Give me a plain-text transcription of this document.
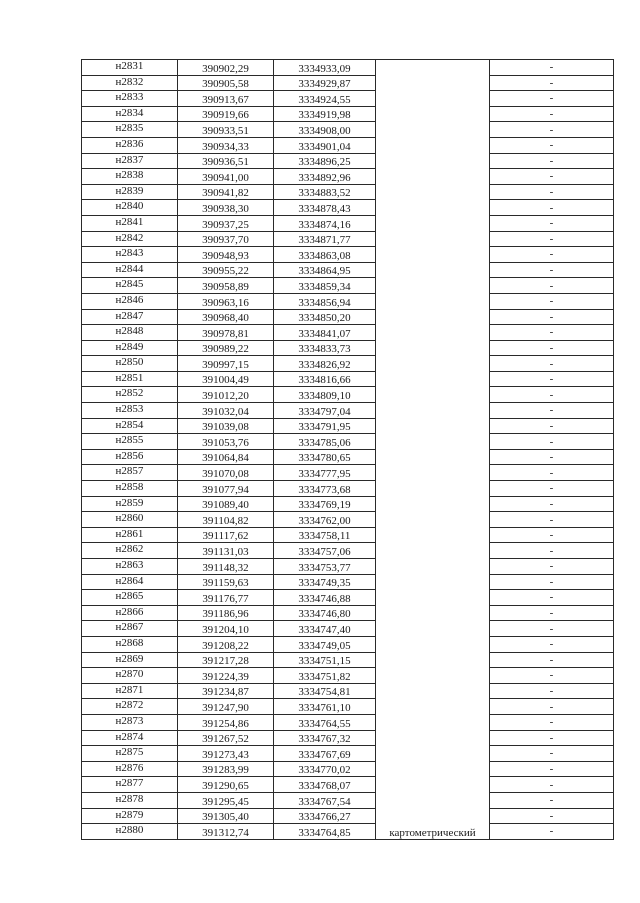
н2831	390902,29	3334933,09		-
н2832	390905,58	3334929,87		-
н2833	390913,67	3334924,55		-
н2834	390919,66	3334919,98		-
н2835	390933,51	3334908,00		-
н2836	390934,33	3334901,04		-
н2837	390936,51	3334896,25		-
н2838	390941,00	3334892,96		-
н2839	390941,82	3334883,52		-
н2840	390938,30	3334878,43		-
н2841	390937,25	3334874,16		-
н2842	390937,70	3334871,77		-
н2843	390948,93	3334863,08		-
н2844	390955,22	3334864,95		-
н2845	390958,89	3334859,34		-
н2846	390963,16	3334856,94		-
н2847	390968,40	3334850,20		-
н2848	390978,81	3334841,07		-
н2849	390989,22	3334833,73		-
н2850	390997,15	3334826,92		-
н2851	391004,49	3334816,66		-
н2852	391012,20	3334809,10		-
н2853	391032,04	3334797,04		-
н2854	391039,08	3334791,95		-
н2855	391053,76	3334785,06		-
н2856	391064,84	3334780,65		-
н2857	391070,08	3334777,95		-
н2858	391077,94	3334773,68		-
н2859	391089,40	3334769,19		-
н2860	391104,82	3334762,00		-
н2861	391117,62	3334758,11		-
н2862	391131,03	3334757,06		-
н2863	391148,32	3334753,77		-
н2864	391159,63	3334749,35		-
н2865	391176,77	3334746,88		-
н2866	391186,96	3334746,80		-
н2867	391204,10	3334747,40		-
н2868	391208,22	3334749,05		-
н2869	391217,28	3334751,15		-
н2870	391224,39	3334751,82		-
н2871	391234,87	3334754,81		-
н2872	391247,90	3334761,10		-
н2873	391254,86	3334764,55		-
н2874	391267,52	3334767,32		-
н2875	391273,43	3334767,69		-
н2876	391283,99	3334770,02		-
н2877	391290,65	3334768,07		-
н2878	391295,45	3334767,54		-
н2879	391305,40	3334766,27		-
н2880	391312,74	3334764,85	картометрический	-
